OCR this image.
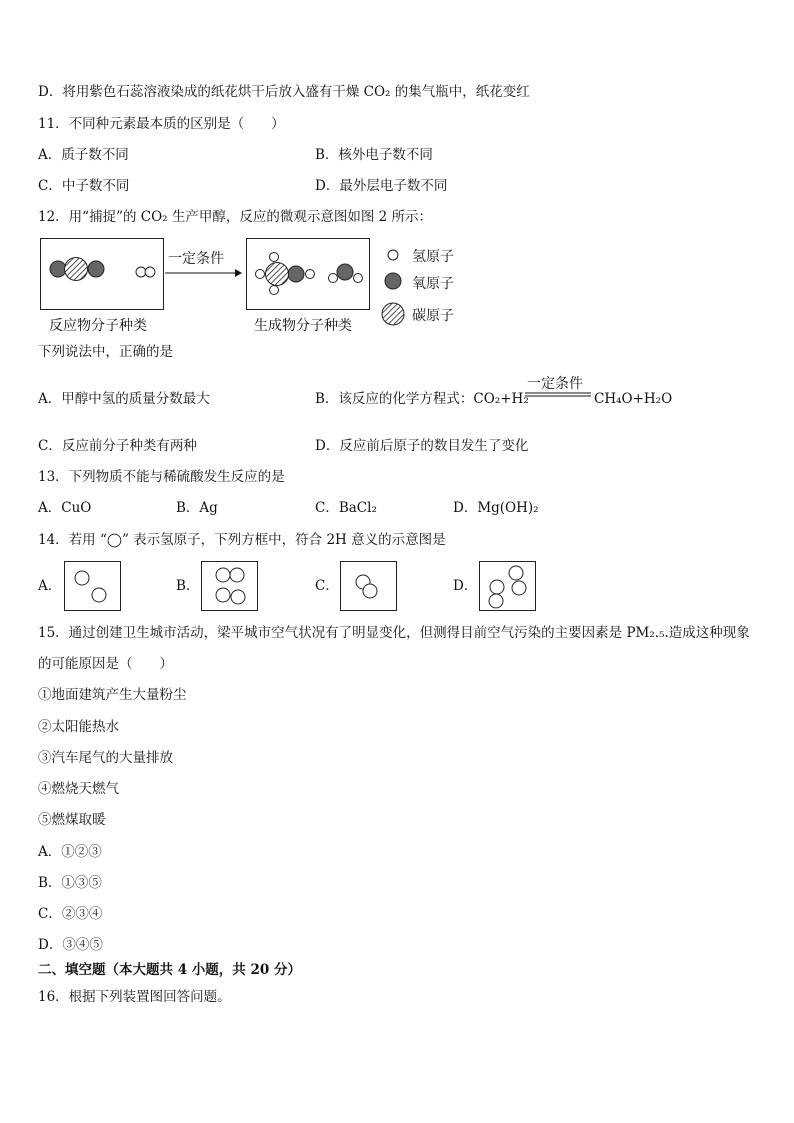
D．将用紫色石蕊溶液染成的纸花烘干后放入盛有干燥 CO₂ 的集气瓶中，纸花变红
11．不同种元素最本质的区别是（　　）
A．质子数不同	B．核外电子数不同
C．中子数不同	D．最外层电子数不同
12．用“捕捉”的 CO₂ 生产甲醇，反应的微观示意图如图 2 所示：
一定条件
反应物分子种类	生成物分子种类
氢原子
氧原子
碳原子
下列说法中，正确的是
A．甲醇中氢的质量分数最大	B．该反应的化学方程式：CO₂+H₂
一定条件
CH₄O+H₂O
C．反应前分子种类有两种	D．反应前后原子的数目发生了变化
13．下列物质不能与稀硫酸发生反应的是
A．CuO	B．Ag	C．BaCl₂	D．Mg(OH)₂
14．若用 “◯” 表示氢原子，下列方框中，符合 2H 意义的示意图是
A．	B．	C．	D．
15．通过创建卫生城市活动，梁平城市空气状况有了明显变化，但测得目前空气污染的主要因素是 PM₂.₅.造成这种现象
的可能原因是（　　）
①地面建筑产生大量粉尘
②太阳能热水
③汽车尾气的大量排放
④燃烧天燃气
⑤燃煤取暖
A．①②③
B．①③⑤
C．②③④
D．③④⑤
二、填空题（本大题共 4 小题，共 20 分）
16．根据下列装置图回答问题。
